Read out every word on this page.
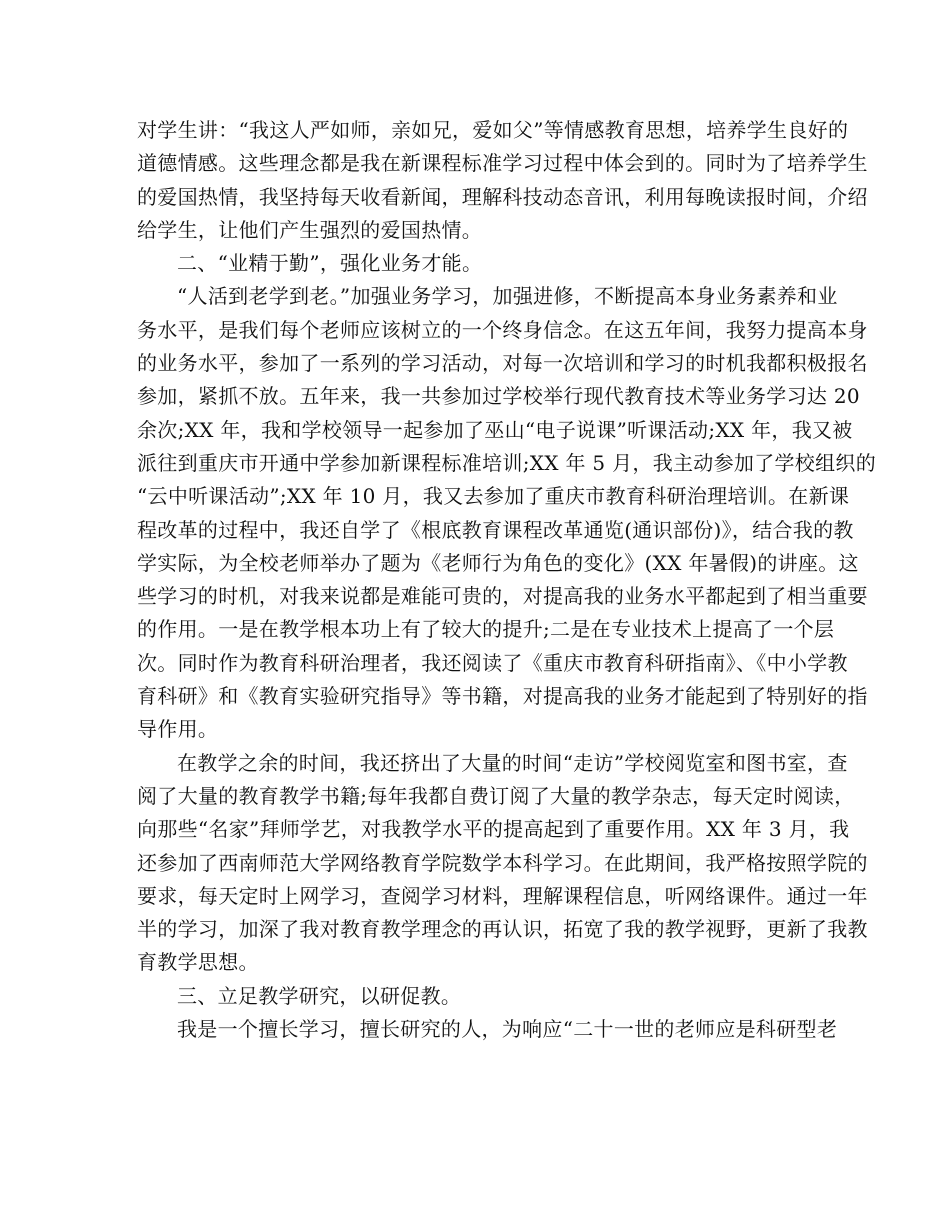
对学生讲：“我这人严如师，亲如兄，爱如父”等情感教育思想，培养学生良好的
道德情感。这些理念都是我在新课程标准学习过程中体会到的。同时为了培养学生
的爱国热情，我坚持每天收看新闻，理解科技动态音讯，利用每晚读报时间，介绍
给学生，让他们产生强烈的爱国热情。
二、“业精于勤”，强化业务才能。
“人活到老学到老。”加强业务学习，加强进修，不断提高本身业务素养和业
务水平，是我们每个老师应该树立的一个终身信念。在这五年间，我努力提高本身
的业务水平，参加了一系列的学习活动，对每一次培训和学习的时机我都积极报名
参加，紧抓不放。五年来，我一共参加过学校举行现代教育技术等业务学习达 20
余次;XX 年，我和学校领导一起参加了巫山“电子说课”听课活动;XX 年，我又被
派往到重庆市开通中学参加新课程标准培训;XX 年 5 月，我主动参加了学校组织的
“云中听课活动”;XX 年 10 月，我又去参加了重庆市教育科研治理培训。在新课
程改革的过程中，我还自学了《根底教育课程改革通览(通识部份)》，结合我的教
学实际，为全校老师举办了题为《老师行为角色的变化》(XX 年暑假)的讲座。这
些学习的时机，对我来说都是难能可贵的，对提高我的业务水平都起到了相当重要
的作用。一是在教学根本功上有了较大的提升;二是在专业技术上提高了一个层
次。同时作为教育科研治理者，我还阅读了《重庆市教育科研指南》、《中小学教
育科研》和《教育实验研究指导》等书籍，对提高我的业务才能起到了特别好的指
导作用。
在教学之余的时间，我还挤出了大量的时间“走访”学校阅览室和图书室，查
阅了大量的教育教学书籍;每年我都自费订阅了大量的教学杂志，每天定时阅读，
向那些“名家”拜师学艺，对我教学水平的提高起到了重要作用。XX 年 3 月，我
还参加了西南师范大学网络教育学院数学本科学习。在此期间，我严格按照学院的
要求，每天定时上网学习，查阅学习材料，理解课程信息，听网络课件。通过一年
半的学习，加深了我对教育教学理念的再认识，拓宽了我的教学视野，更新了我教
育教学思想。
三、立足教学研究，以研促教。
我是一个擅长学习，擅长研究的人，为响应“二十一世的老师应是科研型老
